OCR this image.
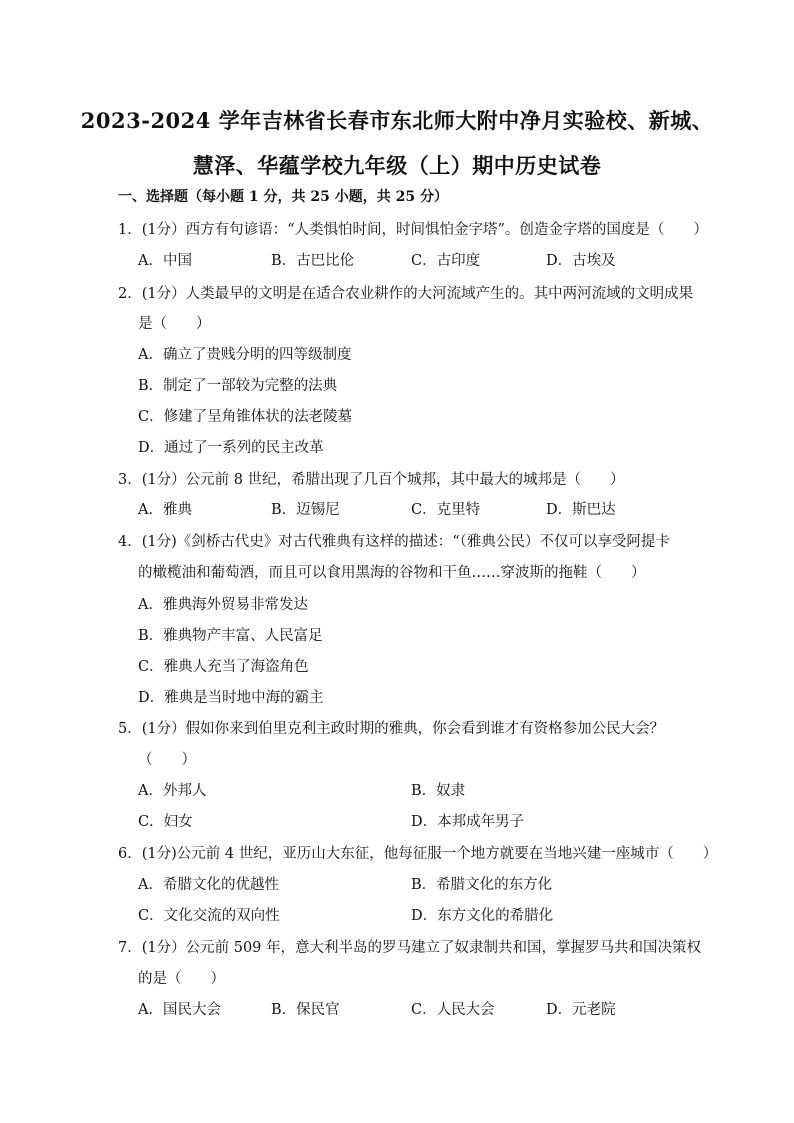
2023-2024 学年吉林省长春市东北师大附中净月实验校、新城、
慧泽、华蕴学校九年级（上）期中历史试卷
一、选择题（每小题 1 分，共 25 小题，共 25 分）
1．(1分）西方有句谚语：“人类惧怕时间，时间惧怕金字塔”。创造金字塔的国度是（　　）
A．中国	B．古巴比伦	C．古印度	D．古埃及
2．(1分）人类最早的文明是在适合农业耕作的大河流域产生的。其中两河流域的文明成果
是（　　）
A．确立了贵贱分明的四等级制度
B．制定了一部较为完整的法典
C．修建了呈角锥体状的法老陵墓
D．通过了一系列的民主改革
3．(1分）公元前 8 世纪，希腊出现了几百个城邦，其中最大的城邦是（　　）
A．雅典	B．迈锡尼	C．克里特	D．斯巴达
4．(1分)《剑桥古代史》对古代雅典有这样的描述：“（雅典公民）不仅可以享受阿提卡
的橄榄油和葡萄酒，而且可以食用黑海的谷物和干鱼……穿波斯的拖鞋（　　）
A．雅典海外贸易非常发达
B．雅典物产丰富、人民富足
C．雅典人充当了海盗角色
D．雅典是当时地中海的霸主
5．(1分）假如你来到伯里克利主政时期的雅典，你会看到谁才有资格参加公民大会？
（　　）
A．外邦人	B．奴隶
C．妇女	D．本邦成年男子
6．(1分)公元前 4 世纪，亚历山大东征，他每征服一个地方就要在当地兴建一座城市（　　）
A．希腊文化的优越性	B．希腊文化的东方化
C．文化交流的双向性	D．东方文化的希腊化
7．(1分）公元前 509 年，意大利半岛的罗马建立了奴隶制共和国，掌握罗马共和国决策权
的是（　　）
A．国民大会	B．保民官	C．人民大会	D．元老院
